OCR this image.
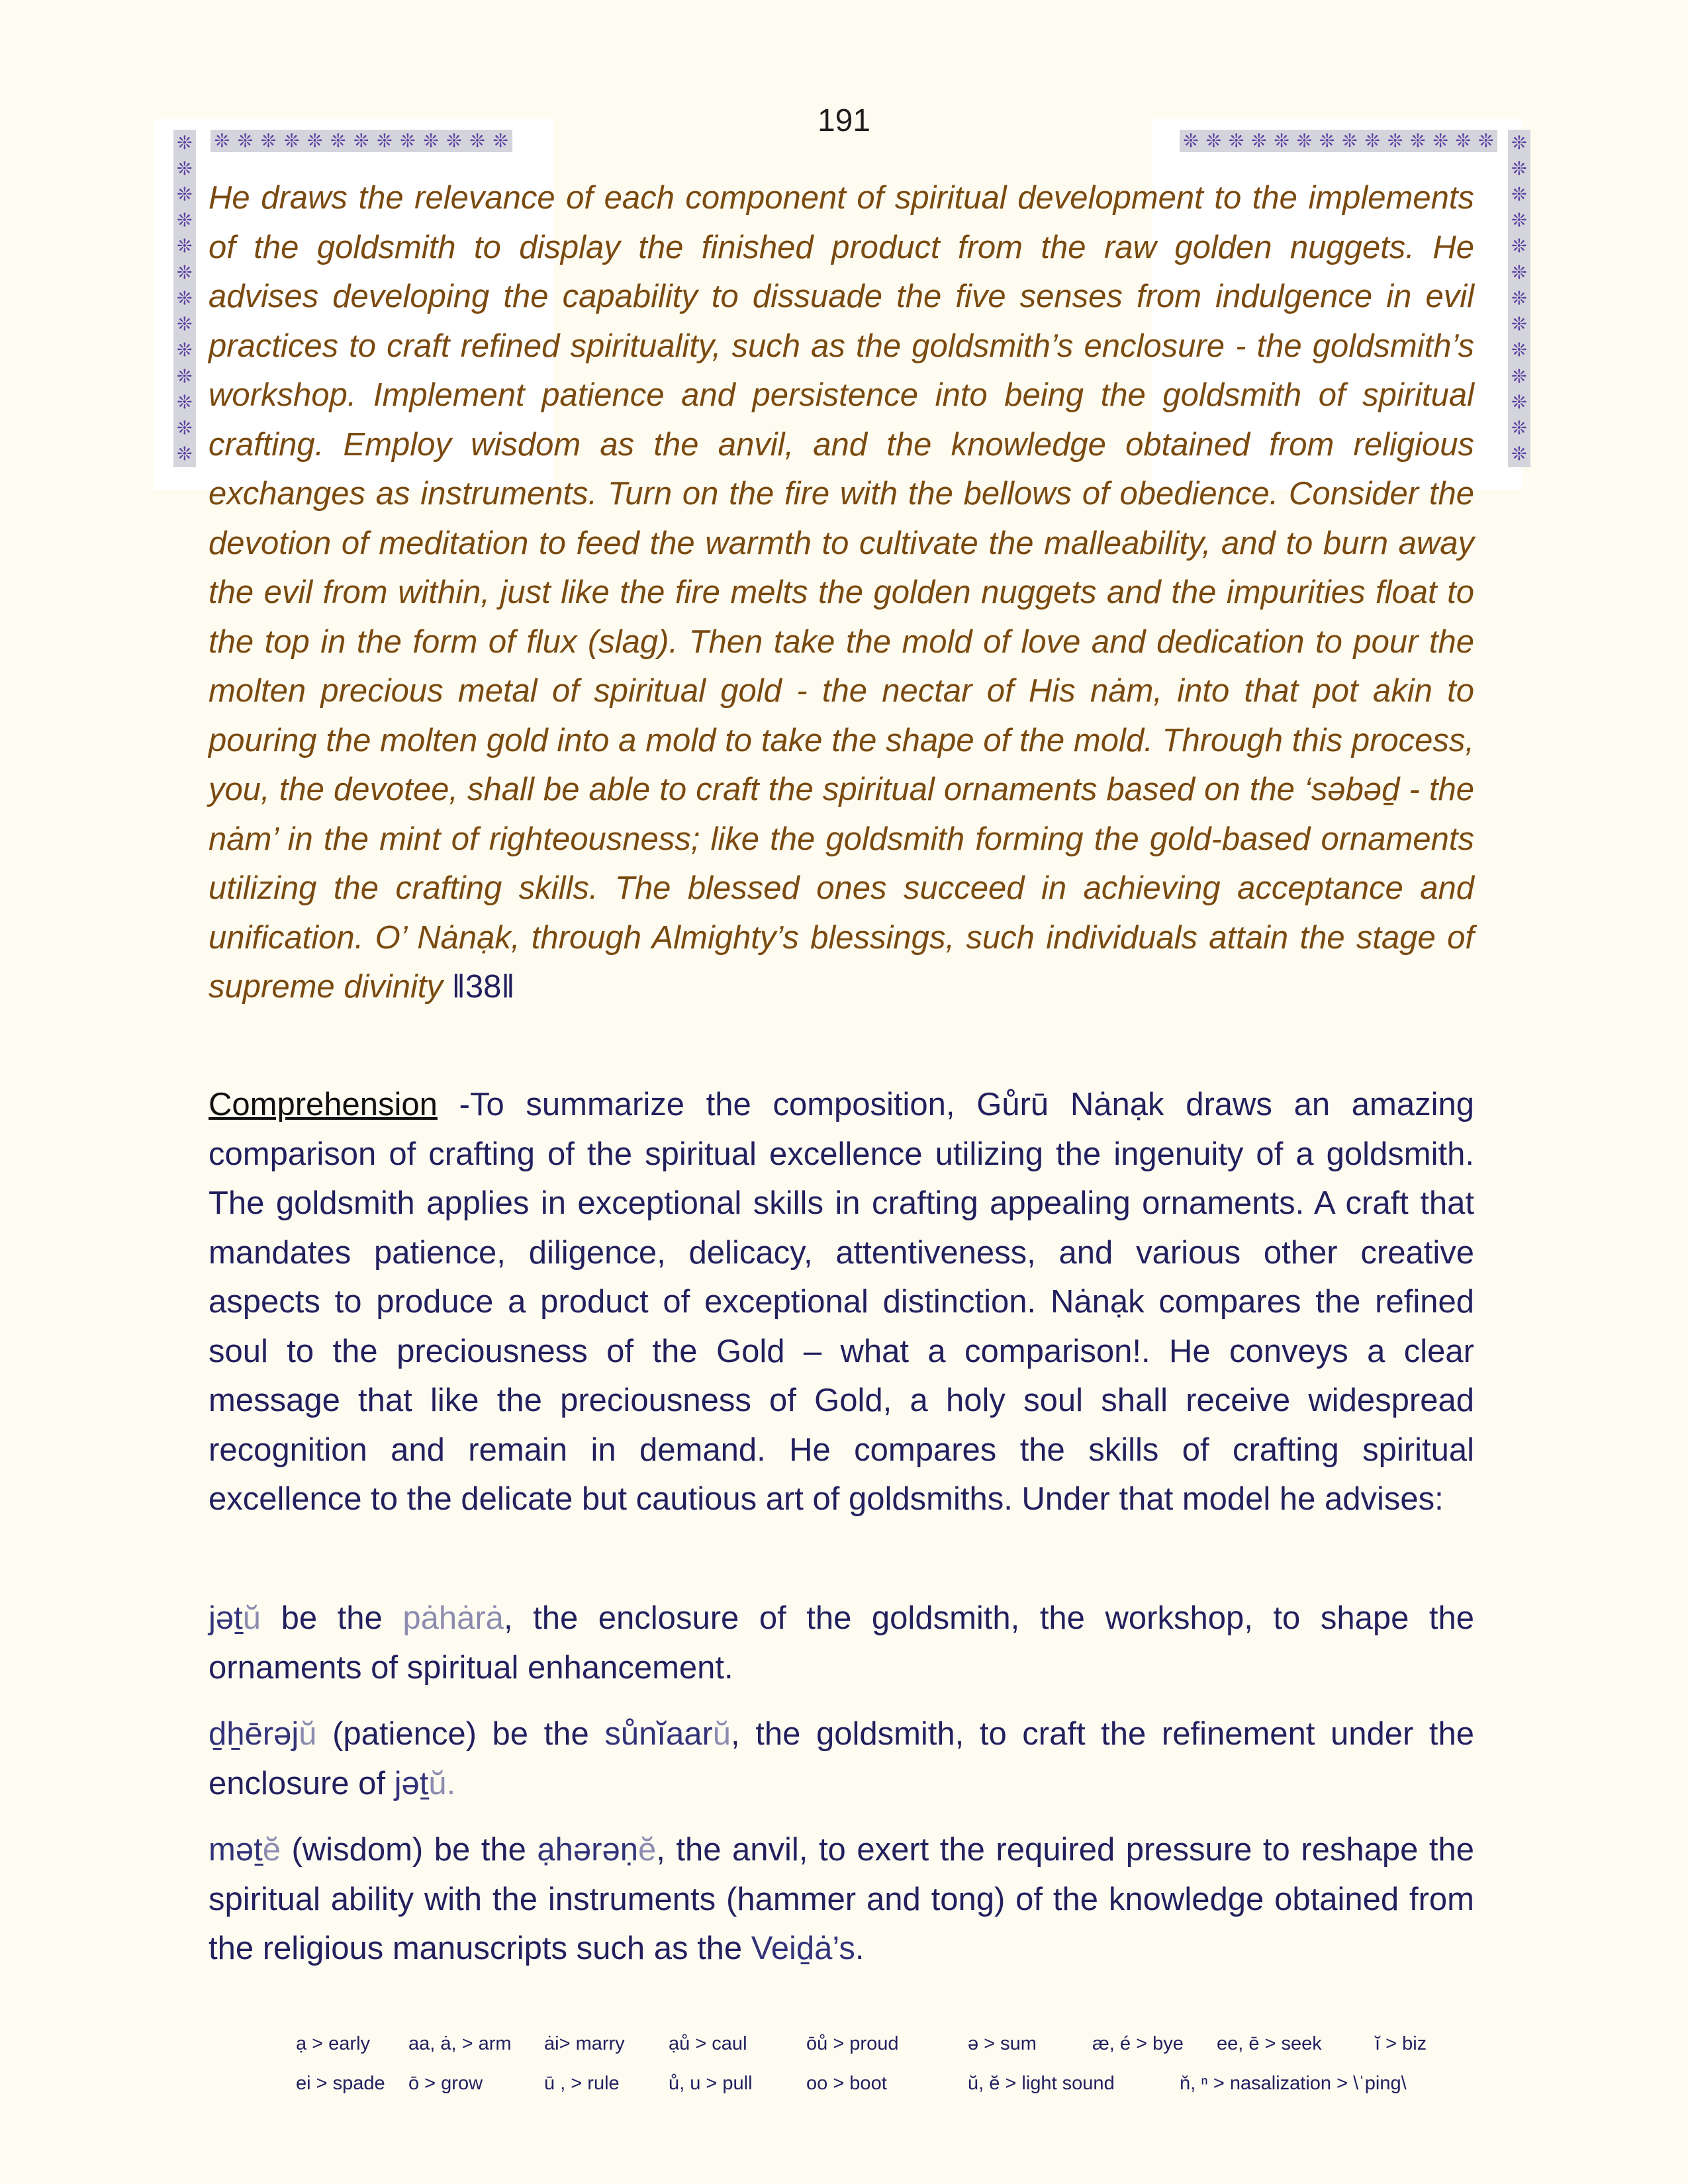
191
❊ ❊ ❊ ❊ ❊ ❊ ❊ ❊ ❊ ❊ ❊ ❊ ❊	❊ ❊ ❊ ❊ ❊ ❊ ❊ ❊ ❊ ❊ ❊ ❊ ❊ ❊
❊
❊
❊
❊
❊
❊
❊
❊
❊
❊
❊
❊
❊
❊
❊
❊
❊
❊
❊
❊
❊
❊
❊
❊
❊
❊
He draws the relevance of each component of spiritual development to the implements of the goldsmith to display the finished product from the raw golden nuggets. He advises developing the capability to dissuade the five senses from indulgence in evil practices to craft refined spirituality, such as the goldsmith’s enclosure - the goldsmith’s workshop. Implement patience and persistence into being the goldsmith of spiritual crafting. Employ wisdom as the anvil, and the knowledge obtained from religious exchanges as instruments. Turn on the fire with the bellows of obedience. Consider the devotion of meditation to feed the warmth to cultivate the malleability, and to burn away the evil from within, just like the fire melts the golden nuggets and the impurities float to the top in the form of flux (slag). Then take the mold of love and dedication to pour the molten precious metal of spiritual gold - the nectar of His nȧm, into that pot akin to pouring the molten gold into a mold to take the shape of the mold. Through this process, you, the devotee, shall be able to craft the spiritual ornaments based on the ‘səbəḏ - the nȧm’ in the mint of righteousness; like the goldsmith forming the gold-based ornaments utilizing the crafting skills. The blessed ones succeed in achieving acceptance and unification. O’ Nȧnạk, through Almighty’s blessings, such individuals attain the stage of supreme divinity ǁ38ǁ
Comprehension -To summarize the composition, Gůrū Nȧnạk draws an amazing comparison of crafting of the spiritual excellence utilizing the ingenuity of a goldsmith. The goldsmith applies in exceptional skills in crafting appealing ornaments. A craft that mandates patience, diligence, delicacy, attentiveness, and various other creative aspects to produce a product of exceptional distinction. Nȧnạk compares the refined soul to the preciousness of the Gold – what a comparison!. He conveys a clear message that like the preciousness of Gold, a holy soul shall receive widespread recognition and remain in demand. He compares the skills of crafting spiritual excellence to the delicate but cautious art of goldsmiths. Under that model he advises:
jəṯŭ be the pȧhȧrȧ, the enclosure of the goldsmith, the workshop, to shape the ornaments of spiritual enhancement.
ḏẖērəjŭ (patience) be the sůnĭaarŭ, the goldsmith, to craft the refinement under the enclosure of jəṯŭ.
məṯĕ (wisdom) be the ạhərəṇĕ, the anvil, to exert the required pressure to reshape the spiritual ability with the instruments (hammer and tong) of the knowledge obtained from the religious manuscripts such as the Veiḏȧ’s.
ạ > early aa, ȧ, > arm ȧi> marry ạů > caul	ōů > proud	ə > sum	æ, é > bye ee, ē > seek	ĭ > biz
ei > spade ō > grow	ū , > rule	ů, u > pull	oo > boot	ŭ, ĕ > light sound	ň, ⁿ > nasalization > \ˈping\
